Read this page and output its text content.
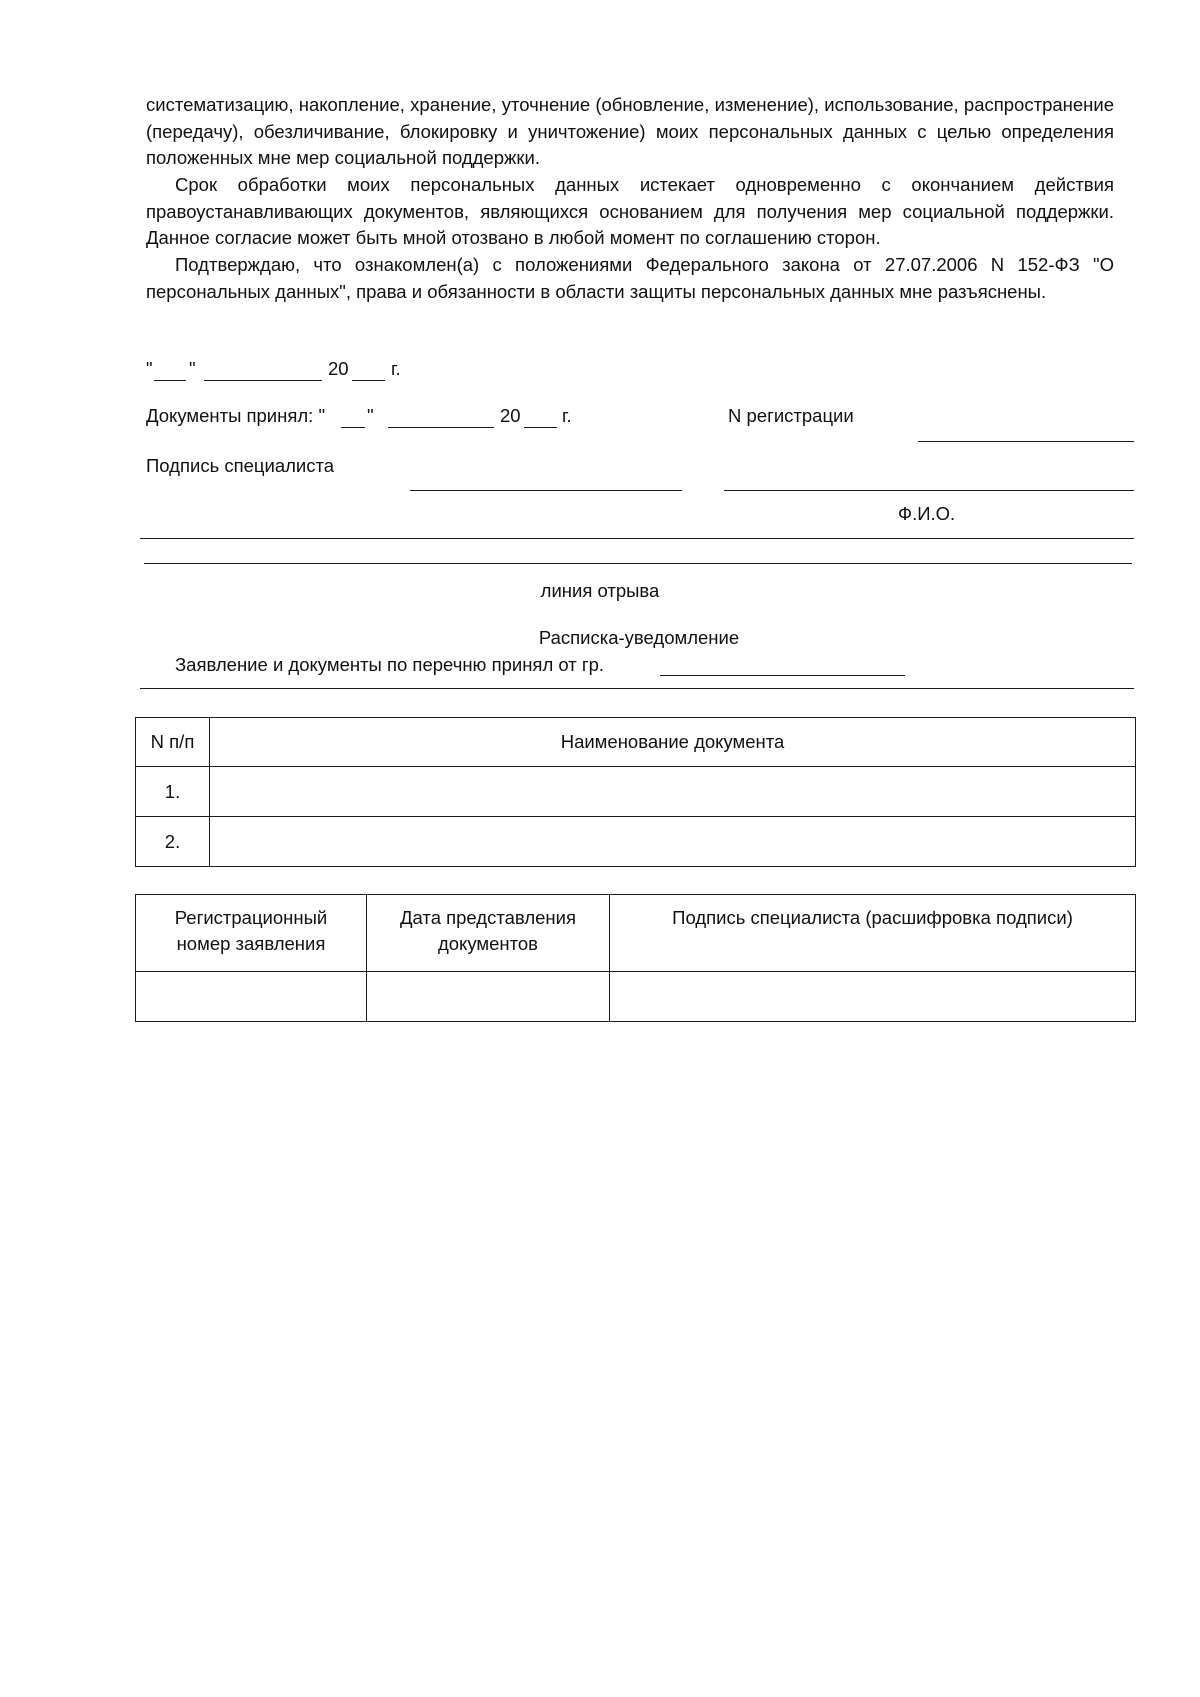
систематизацию, накопление, хранение, уточнение (обновление, изменение), использование, распространение (передачу), обезличивание, блокировку и уничтожение) моих персональных данных с целью определения положенных мне мер социальной поддержки.

Срок обработки моих персональных данных истекает одновременно с окончанием действия правоустанавливающих документов, являющихся основанием для получения мер социальной поддержки. Данное согласие может быть мной отозвано в любой момент по соглашению сторон.

Подтверждаю, что ознакомлен(а) с положениями Федерального закона от 27.07.2006 N 152-ФЗ "О персональных данных", права и обязанности в области защиты персональных данных мне разъяснены.

" "	20 г.
Документы принял: " "	20 г.	N регистрации
Подпись специалиста
Ф.И.О.
линия отрыва
Расписка-уведомление
Заявление и документы по перечню принял от гр.
N п/п	Наименование документа
1.	
2.	
Регистрационный номер заявления	Дата представления документов	Подпись специалиста (расшифровка подписи)
